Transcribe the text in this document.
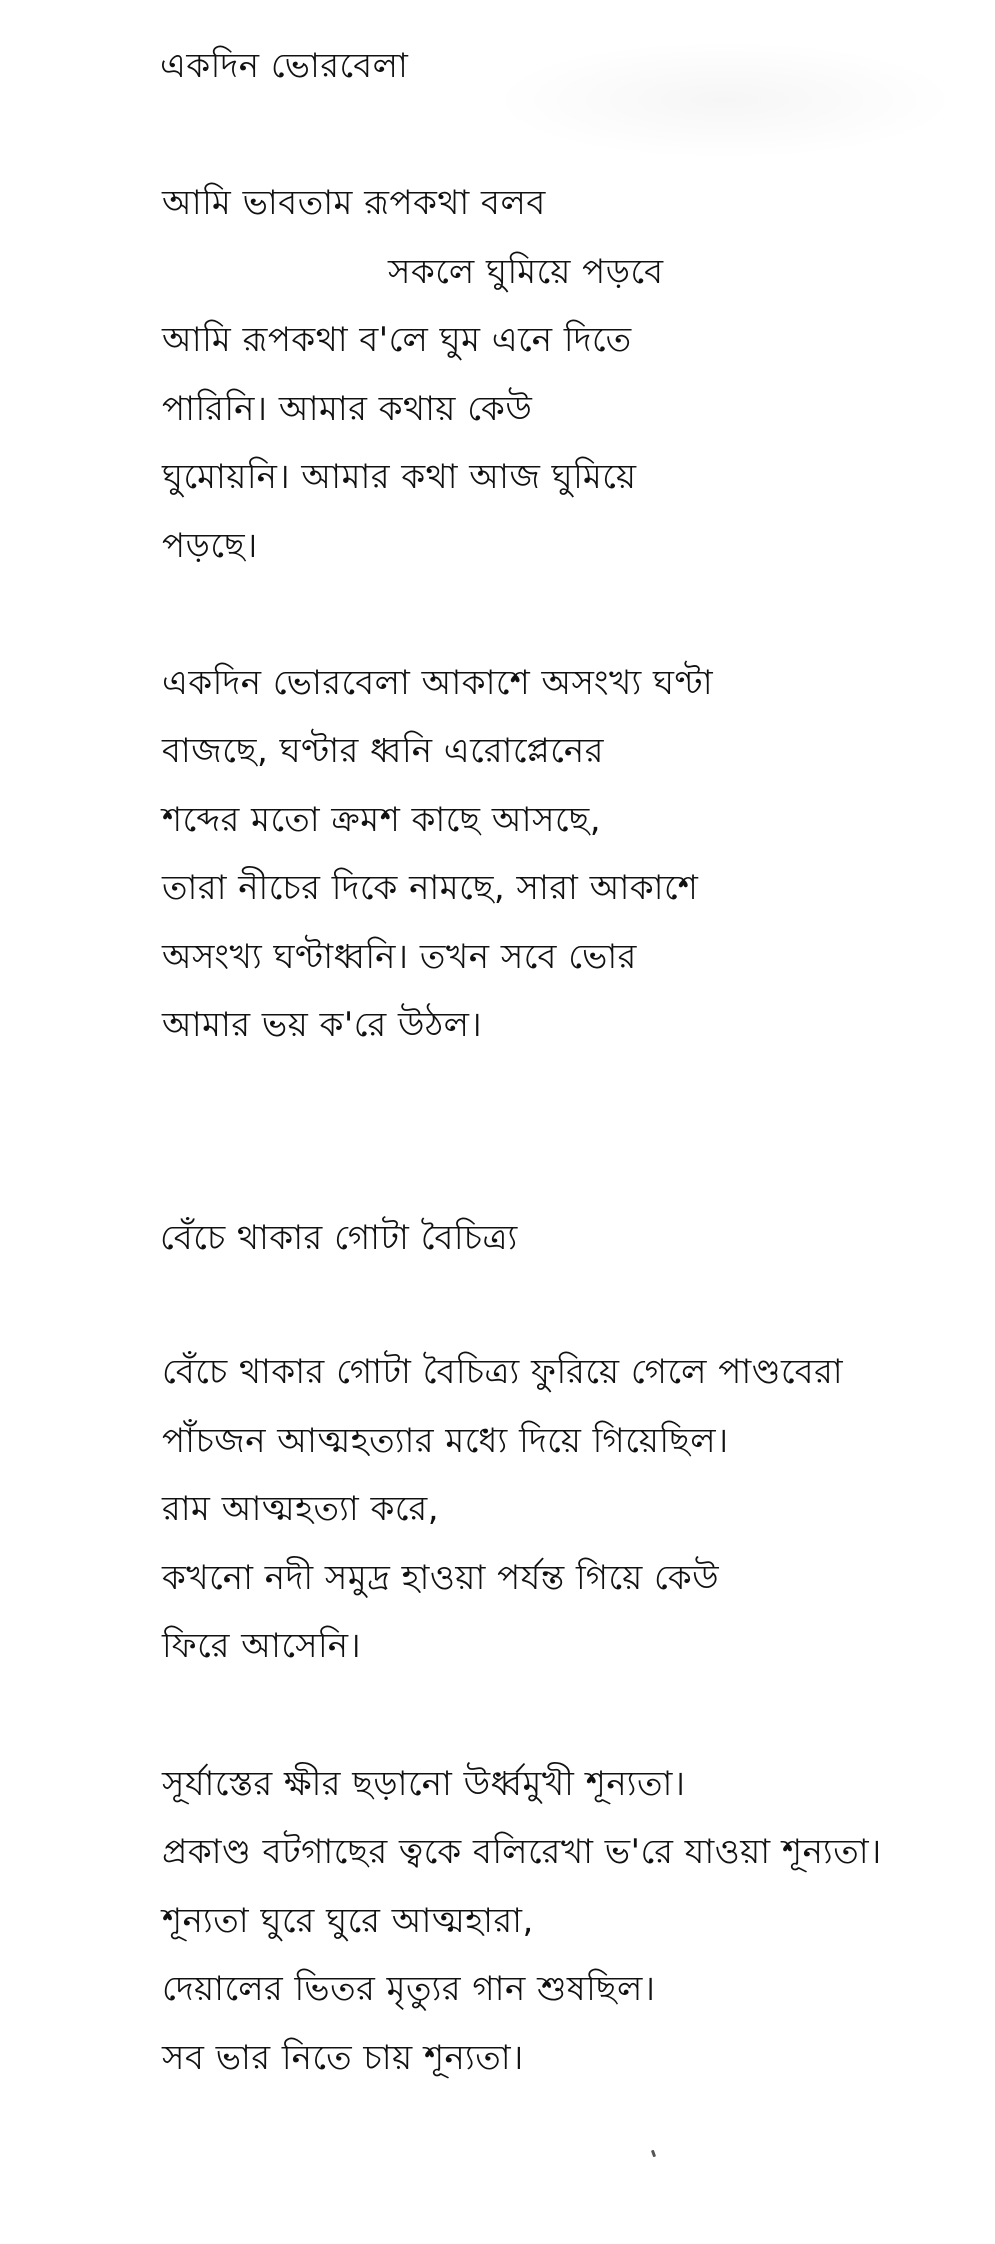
একদিন ভোরবেলা
আমি ভাবতাম রূপকথা বলব
সকলে ঘুমিয়ে পড়বে
আমি রূপকথা ব'লে ঘুম এনে দিতে
পারিনি। আমার কথায় কেউ
ঘুমোয়নি। আমার কথা আজ ঘুমিয়ে
পড়ছে।
একদিন ভোরবেলা আকাশে অসংখ্য ঘণ্টা
বাজছে, ঘণ্টার ধ্বনি এরোপ্লেনের
শব্দের মতো ক্রমশ কাছে আসছে,
তারা নীচের দিকে নামছে, সারা আকাশে
অসংখ্য ঘণ্টাধ্বনি। তখন সবে ভোর
আমার ভয় ক'রে উঠল।
বেঁচে থাকার গোটা বৈচিত্র্য
বেঁচে থাকার গোটা বৈচিত্র্য ফুরিয়ে গেলে পাণ্ডবেরা
পাঁচজন আত্মহত্যার মধ্যে দিয়ে গিয়েছিল।
রাম আত্মহত্যা করে,
কখনো নদী সমুদ্র হাওয়া পর্যন্ত গিয়ে কেউ
ফিরে আসেনি।
সূর্যাস্তের ক্ষীর ছড়ানো উর্ধ্বমুখী শূন্যতা।
প্রকাণ্ড বটগাছের ত্বকে বলিরেখা ভ'রে যাওয়া শূন্যতা।
শূন্যতা ঘুরে ঘুরে আত্মহারা,
দেয়ালের ভিতর মৃত্যুর গান শুষছিল।
সব ভার নিতে চায় শূন্যতা।
